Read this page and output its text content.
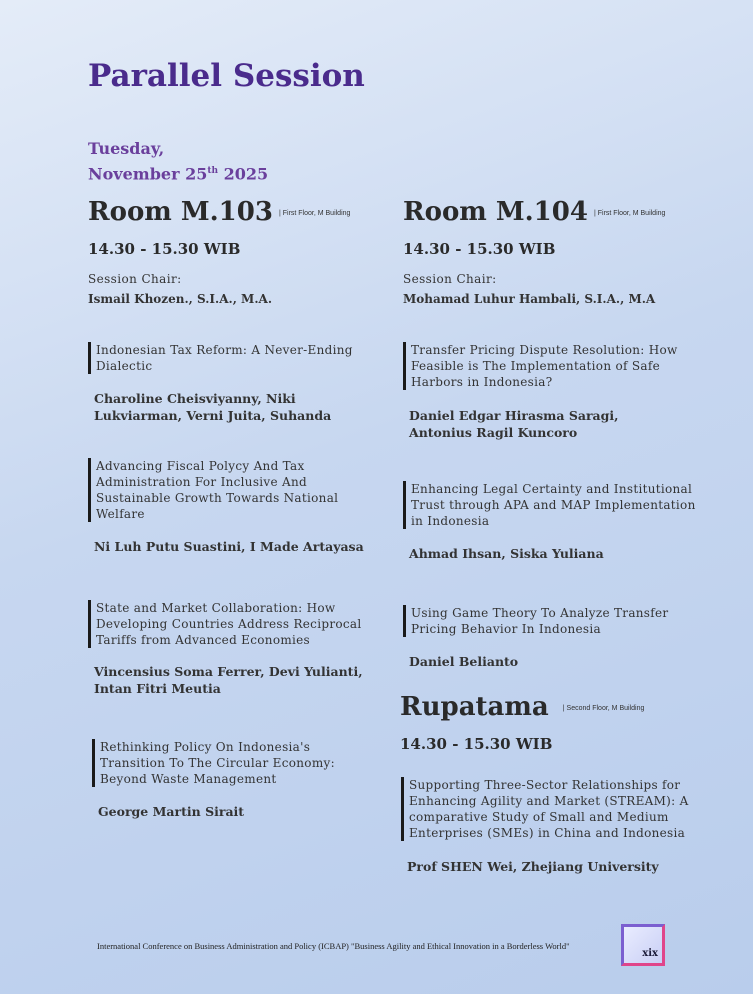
Parallel Session
Tuesday,
November 25th 2025
Room M.103 | First Floor, M Building
14.30 - 15.30 WIB
Session Chair:
Ismail Khozen., S.I.A., M.A.
Indonesian Tax Reform: A Never-Ending Dialectic
Charoline Cheisviyanny, Niki Lukviarman, Verni Juita, Suhanda
Advancing Fiscal Polycy And Tax Administration For Inclusive And Sustainable Growth Towards National Welfare
Ni Luh Putu Suastini, I Made Artayasa
State and Market Collaboration: How Developing Countries Address Reciprocal Tariffs from Advanced Economies
Vincensius Soma Ferrer, Devi Yulianti, Intan Fitri Meutia
Rethinking Policy On Indonesia's Transition To The Circular Economy: Beyond Waste Management
George Martin Sirait
Room M.104 | First Floor, M Building
14.30 - 15.30 WIB
Session Chair:
Mohamad Luhur Hambali, S.I.A., M.A
Transfer Pricing Dispute Resolution: How Feasible is The Implementation of Safe Harbors in Indonesia?
Daniel Edgar Hirasma Saragi, Antonius Ragil Kuncoro
Enhancing Legal Certainty and Institutional Trust through APA and MAP Implementation in Indonesia
Ahmad Ihsan, Siska Yuliana
Using Game Theory To Analyze Transfer Pricing Behavior In Indonesia
Daniel Belianto
Rupatama | Second Floor, M Building
14.30 - 15.30 WIB
Supporting Three-Sector Relationships for Enhancing Agility and Market (STREAM): A comparative Study of Small and Medium Enterprises (SMEs) in China and Indonesia
Prof SHEN Wei, Zhejiang University
International Conference on Business Administration and Policy (ICBAP) "Business Agility and Ethical Innovation in a Borderless World"
xix
